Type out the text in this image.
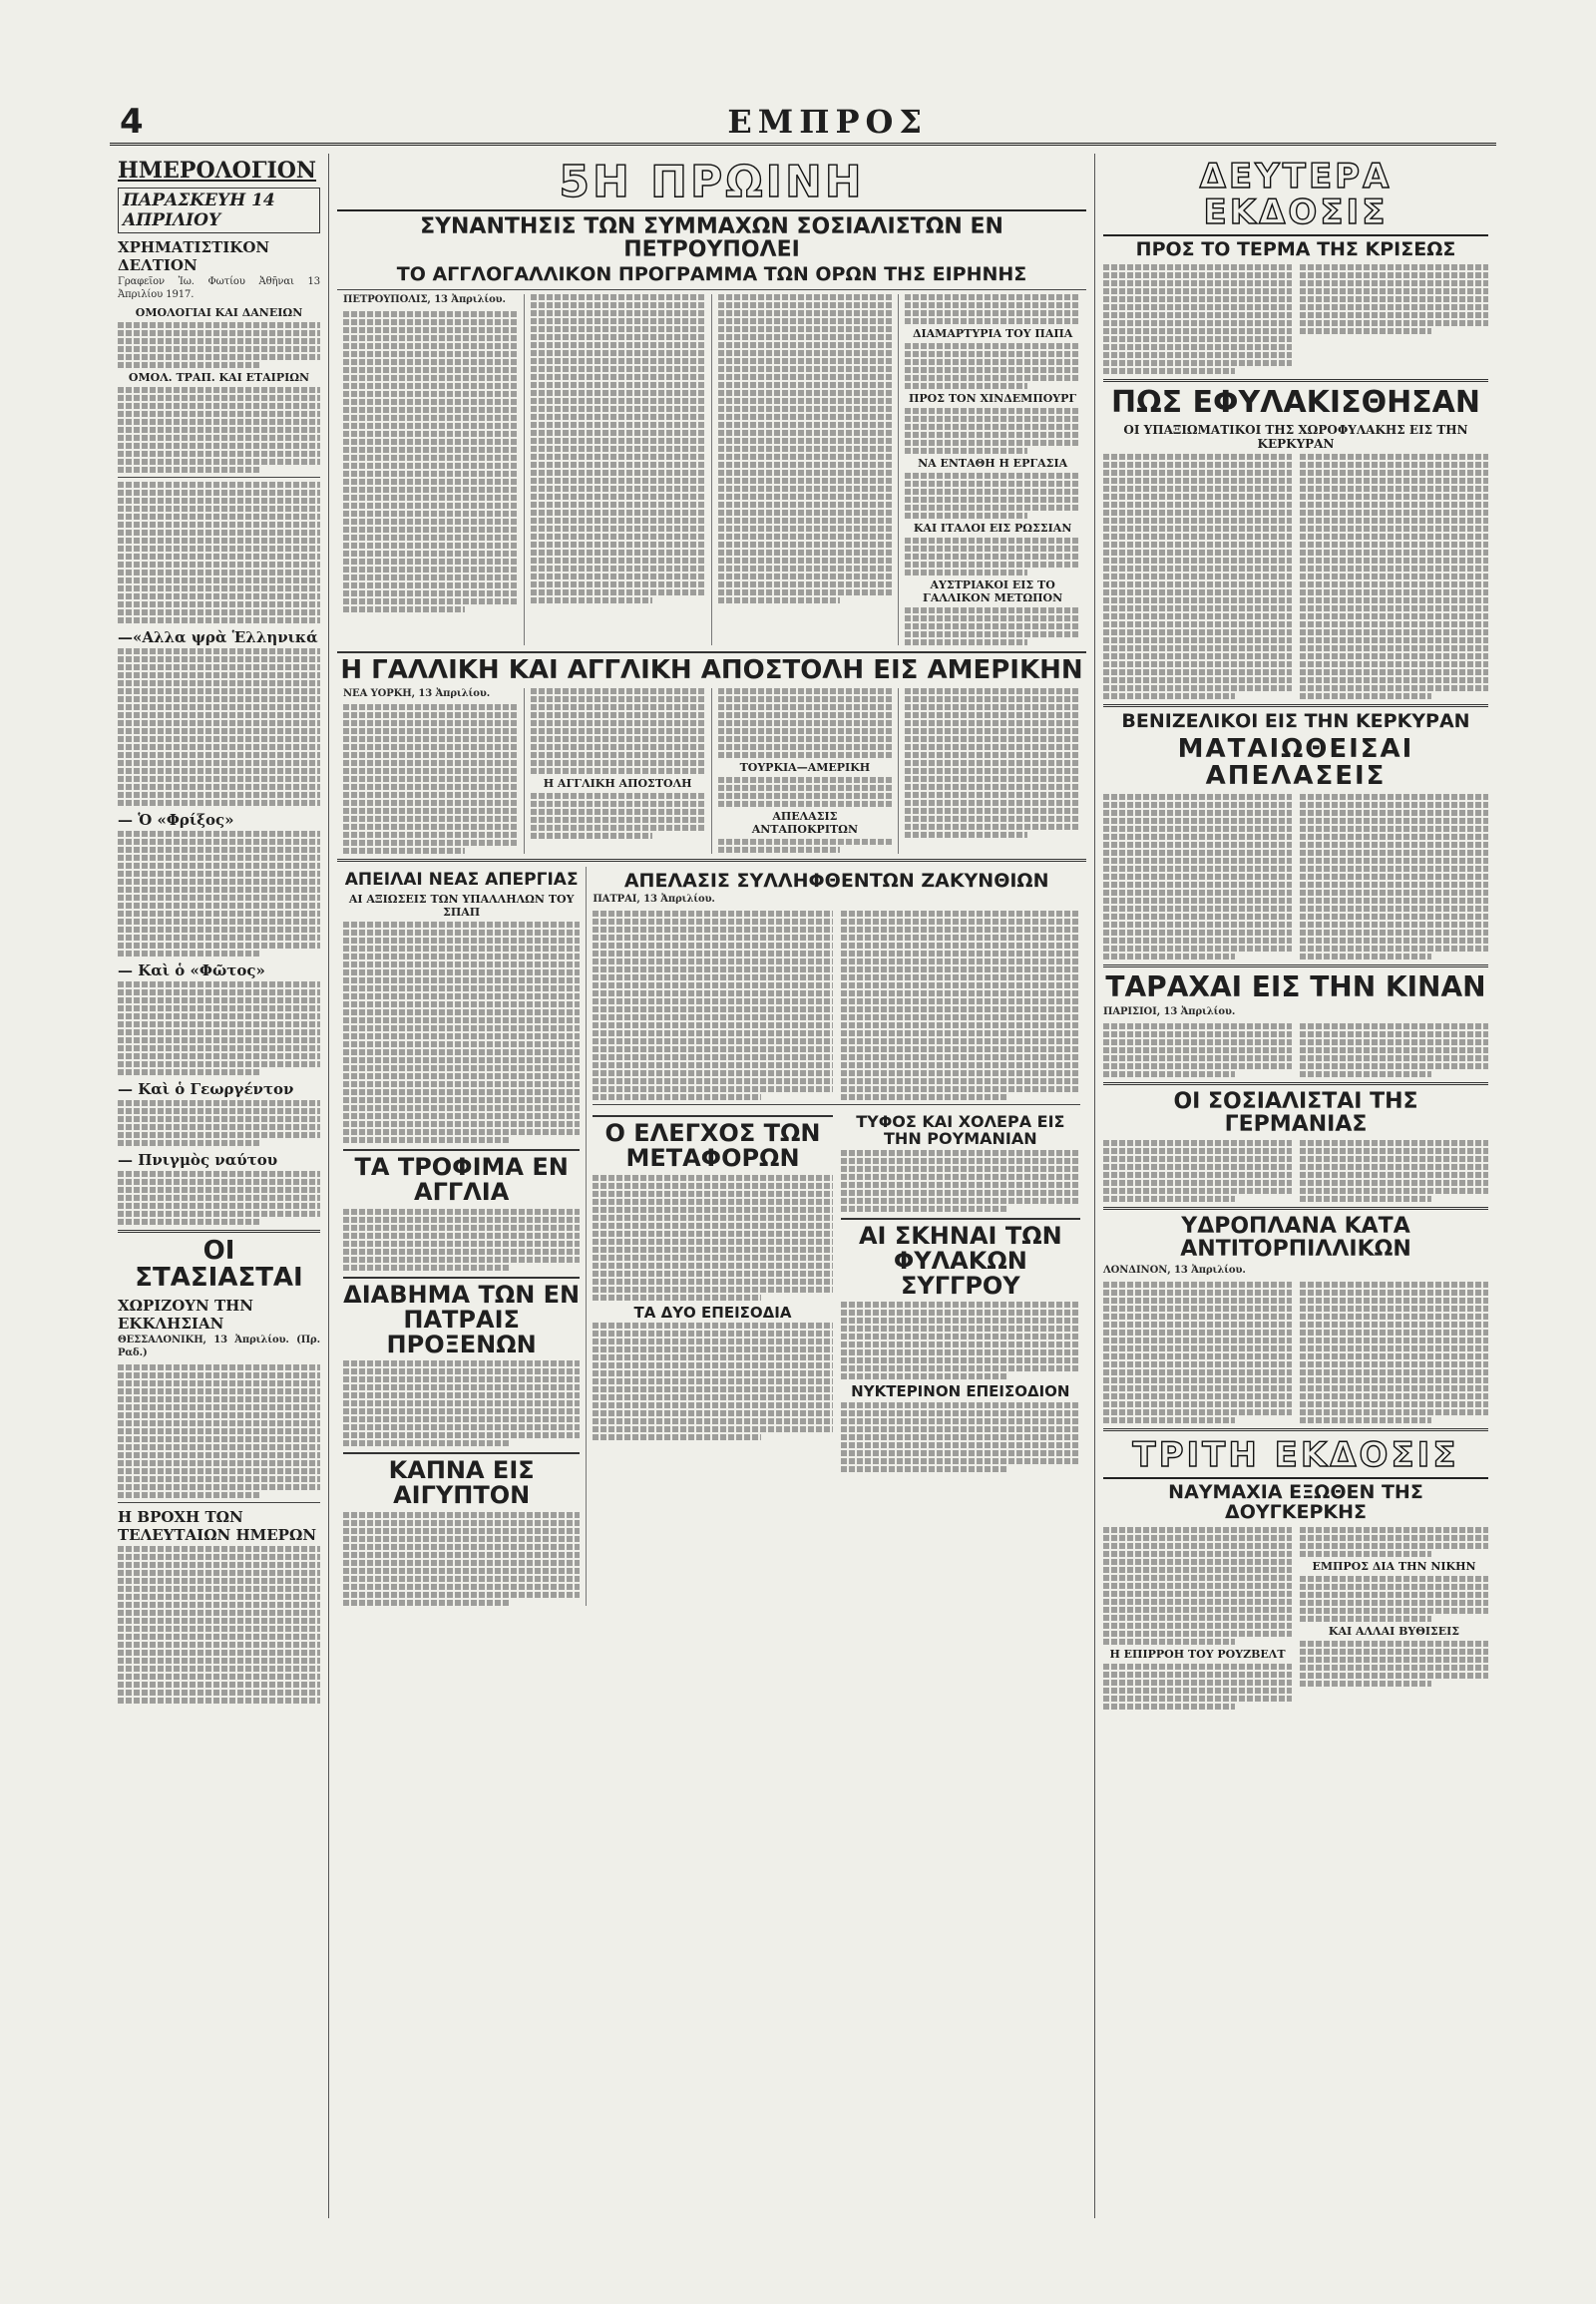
4	ΕΜΠΡΟΣ
ΗΜΕΡΟΛΟΓΙΟΝ
ΠΑΡΑΣΚΕΥΗ 14 ΑΠΡΙΛΙΟΥ
ΧΡΗΜΑΤΙΣΤΙΚΟΝ ΔΕΛΤΙΟΝ
Γραφεῖον Ἰω. Φωτίου Ἀθῆναι 13 Ἀπριλίου 1917.
ΟΜΟΛΟΓΙΑΙ ΚΑΙ ΔΑΝΕΙΩΝ
ΟΜΟΛ. ΤΡΑΠ. ΚΑΙ ΕΤΑΙΡΙΩΝ
—«Αλλα ψρὰ Ἑλληνικά
— Ὁ «Φρίξος»
— Καὶ ὁ «Φῶτος»
— Καὶ ὁ Γεωργέντον
— Πνιγμὸς ναύτου
ΟΙ ΣΤΑΣΙΑΣΤΑΙ
ΧΩΡΙΖΟΥΝ ΤΗΝ ΕΚΚΛΗΣΙΑΝ
ΘΕΣΣΑΛΟΝΙΚΗ, 13 Ἀπριλίου. (Πρ. Ραδ.)
Η ΒΡΟΧΗ ΤΩΝ ΤΕΛΕΥΤΑΙΩΝ ΗΜΕΡΩΝ
5Η ΠΡΩΙΝΗ
ΣΥΝΑΝΤΗΣΙΣ ΤΩΝ ΣΥΜΜΑΧΩΝ ΣΟΣΙΑΛΙΣΤΩΝ ΕΝ ΠΕΤΡΟΥΠΟΛΕΙ
ΤΟ ΑΓΓΛΟΓΑΛΛΙΚΟΝ ΠΡΟΓΡΑΜΜΑ ΤΩΝ ΟΡΩΝ ΤΗΣ ΕΙΡΗΝΗΣ
ΠΕΤΡΟΥΠΟΛΙΣ, 13 Ἀπριλίου.
ΔΙΑΜΑΡΤΥΡΙΑ ΤΟΥ ΠΑΠΑ
ΠΡΟΣ ΤΟΝ ΧΙΝΔΕΜΠΟΥΡΓ
ΝΑ ΕΝΤΑΘΗ Η ΕΡΓΑΣΙΑ
ΚΑΙ ΙΤΑΛΟΙ ΕΙΣ ΡΩΣΣΙΑΝ
ΑΥΣΤΡΙΑΚΟΙ ΕΙΣ ΤΟ ΓΑΛΛΙΚΟΝ ΜΕΤΩΠΟΝ
Η ΓΑΛΛΙΚΗ ΚΑΙ ΑΓΓΛΙΚΗ ΑΠΟΣΤΟΛΗ ΕΙΣ ΑΜΕΡΙΚΗΝ
ΝΕΑ ΥΟΡΚΗ, 13 Ἀπριλίου.
Η ΑΓΓΛΙΚΗ ΑΠΟΣΤΟΛΗ
ΤΟΥΡΚΙΑ—ΑΜΕΡΙΚΗ
ΑΠΕΛΑΣΙΣ ΑΝΤΑΠΟΚΡΙΤΩΝ
ΑΠΕΙΛΑΙ ΝΕΑΣ ΑΠΕΡΓΙΑΣ
ΑΙ ΑΞΙΩΣΕΙΣ ΤΩΝ ΥΠΑΛΛΗΛΩΝ ΤΟΥ ΣΠΑΠ
ΤΑ ΤΡΟΦΙΜΑ ΕΝ ΑΓΓΛΙΑ
ΔΙΑΒΗΜΑ ΤΩΝ ΕΝ ΠΑΤΡΑΙΣ ΠΡΟΞΕΝΩΝ
ΚΑΠΝΑ ΕΙΣ ΑΙΓΥΠΤΟΝ
ΑΠΕΛΑΣΙΣ ΣΥΛΛΗΦΘΕΝΤΩΝ ΖΑΚΥΝΘΙΩΝ
ΠΑΤΡΑΙ, 13 Ἀπριλίου.
Ο ΕΛΕΓΧΟΣ ΤΩΝ ΜΕΤΑΦΟΡΩΝ
ΤΑ ΔΥΟ ΕΠΕΙΣΟΔΙΑ
ΤΥΦΟΣ ΚΑΙ ΧΟΛΕΡΑ ΕΙΣ ΤΗΝ ΡΟΥΜΑΝΙΑΝ
ΑΙ ΣΚΗΝΑΙ ΤΩΝ ΦΥΛΑΚΩΝ ΣΥΓΓΡΟΥ
ΝΥΚΤΕΡΙΝΟΝ ΕΠΕΙΣΟΔΙΟΝ
ΔΕΥΤΕΡΑ ΕΚΔΟΣΙΣ
ΠΡΟΣ ΤΟ ΤΕΡΜΑ ΤΗΣ ΚΡΙΣΕΩΣ
ΠΩΣ ΕΦΥΛΑΚΙΣΘΗΣΑΝ
ΟΙ ΥΠΑΞΙΩΜΑΤΙΚΟΙ ΤΗΣ ΧΩΡΟΦΥΛΑΚΗΣ ΕΙΣ ΤΗΝ ΚΕΡΚΥΡΑΝ
ΒΕΝΙΖΕΛΙΚΟΙ ΕΙΣ ΤΗΝ ΚΕΡΚΥΡΑΝ
ΜΑΤΑΙΩΘΕΙΣΑΙ ΑΠΕΛΑΣΕΙΣ
ΤΑΡΑΧΑΙ ΕΙΣ ΤΗΝ ΚΙΝΑΝ
ΠΑΡΙΣΙΟΙ, 13 Ἀπριλίου.
ΟΙ ΣΟΣΙΑΛΙΣΤΑΙ ΤΗΣ ΓΕΡΜΑΝΙΑΣ
ΥΔΡΟΠΛΑΝΑ ΚΑΤΑ ΑΝΤΙΤΟΡΠΙΛΛΙΚΩΝ
ΛΟΝΔΙΝΟΝ, 13 Ἀπριλίου.
ΤΡΙΤΗ ΕΚΔΟΣΙΣ
ΝΑΥΜΑΧΙΑ ΕΞΩΘΕΝ ΤΗΣ ΔΟΥΓΚΕΡΚΗΣ
Η ΕΠΙΡΡΟΗ ΤΟΥ ΡΟΥΖΒΕΛΤ
ΕΜΠΡΟΣ ΔΙΑ ΤΗΝ ΝΙΚΗΝ
ΚΑΙ ΑΛΛΑΙ ΒΥΘΙΣΕΙΣ
